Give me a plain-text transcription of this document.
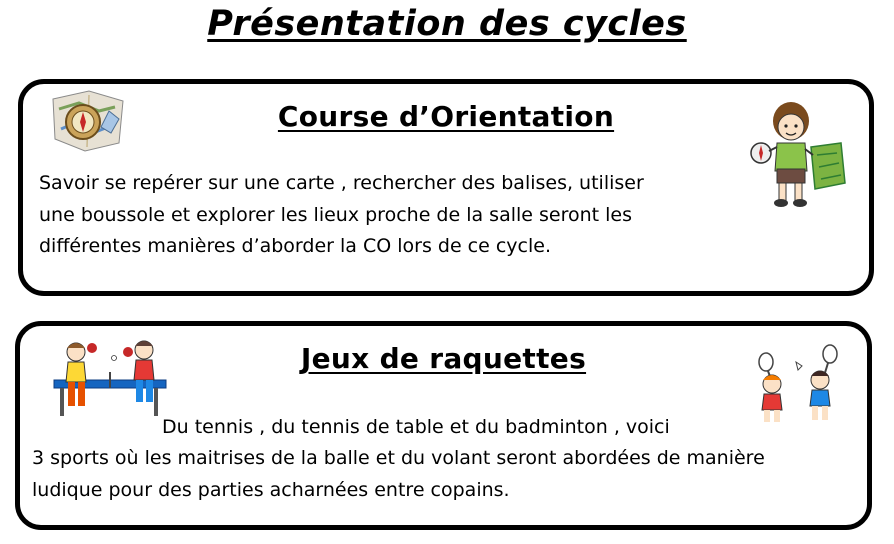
Présentation des cycles
Course d’Orientation
Savoir se repérer sur une carte , rechercher des balises, utiliser
une boussole et explorer les lieux proche de la salle seront les
différentes manières d’aborder la CO lors de ce cycle.
Jeux de raquettes
Du tennis , du tennis de table et du badminton , voici
3 sports où les maitrises de la balle et du volant seront abordées de manière
ludique pour des parties acharnées entre copains.
